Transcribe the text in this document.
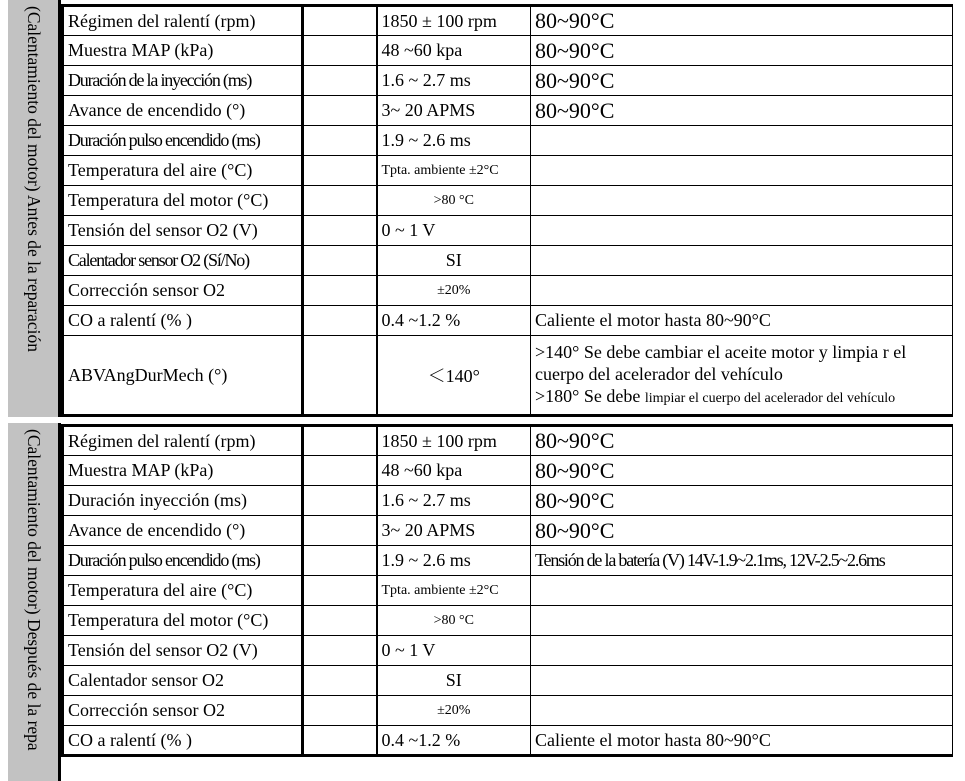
(Calentamiento del motor) Antes de la reparación Régimen del ralentí (rpm)		1850 ± 100 rpm	80~90°C
Muestra MAP (kPa)		48 ~60 kpa	80~90°C
Duración de la inyección (ms)		1.6 ~ 2.7 ms	80~90°C
Avance de encendido (°)		3~ 20 APMS	80~90°C
Duración pulso encendido (ms)		1.9 ~ 2.6 ms	
Temperatura del aire (°C)		Tpta. ambiente ±2°C	
Temperatura del motor (°C)		>80 °C	
Tensión del sensor O2 (V)		0 ~ 1 V	
Calentador sensor O2 (Sí/No)		SI	
Corrección sensor O2		±20%	
CO a ralentí (% )		0.4 ~1.2 %	Caliente el motor hasta 80~90°C
ABVAngDurMech (°)		＜140°	>140° Se debe cambiar el aceite motor y limpia r el
cuerpo del acelerador del vehículo
>180° Se debe limpiar el cuerpo del acelerador del vehículo
(Calentamiento del motor) Después de la repa Régimen del ralentí (rpm)		1850 ± 100 rpm	80~90°C
Muestra MAP (kPa)		48 ~60 kpa	80~90°C
Duración inyección (ms)		1.6 ~ 2.7 ms	80~90°C
Avance de encendido (°)		3~ 20 APMS	80~90°C
Duración pulso encendido (ms)		1.9 ~ 2.6 ms	Tensión de la batería (V) 14V-1.9~2.1ms, 12V-2.5~2.6ms
Temperatura del aire (°C)		Tpta. ambiente ±2°C	
Temperatura del motor (°C)		>80 °C	
Tensión del sensor O2 (V)		0 ~ 1 V	
Calentador sensor O2		SI	
Corrección sensor O2		±20%	
CO a ralentí (% )		0.4 ~1.2 %	Caliente el motor hasta 80~90°C
